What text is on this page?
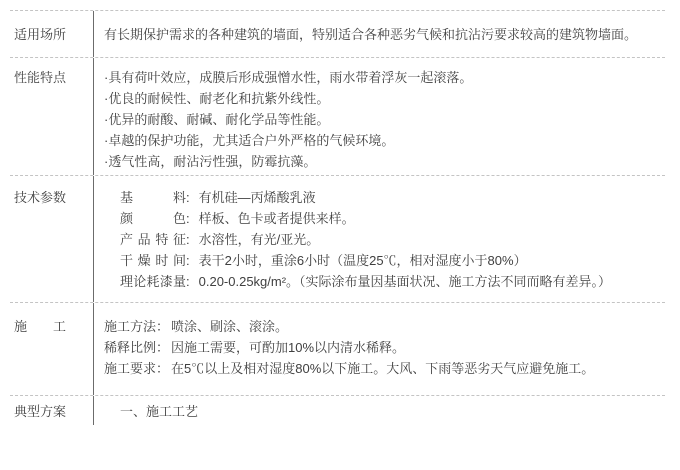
适用场所	有长期保护需求的各种建筑的墙面，特别适合各种恶劣气候和抗沾污要求较高的建筑物墙面。

性能特点	·具有荷叶效应，成膜后形成强憎水性，雨水带着浮灰一起滚落。

·优良的耐候性、耐老化和抗紫外线性。

·优异的耐酸、耐碱、耐化学品等性能。

·卓越的保护功能，尤其适合户外严格的气候环境。

·透气性高，耐沾污性强，防霉抗藻。

技术参数	基料: 有机硅—丙烯酸乳液

颜色: 样板、色卡或者提供来样。

产品特征: 水溶性，有光/亚光。

干燥时间: 表干2小时，重涂6小时（温度25℃，相对湿度小于80%）

理论耗漆量: 0.20-0.25kg/m²。（实际涂布量因基面状况、施工方法不同而略有差异。）

施工	施工方法： 喷涂、刷涂、滚涂。

稀释比例： 因施工需要，可酌加10%以内清水稀释。

施工要求： 在5℃以上及相对湿度80%以下施工。大风、下雨等恶劣天气应避免施工。

典型方案	一、施工工艺
